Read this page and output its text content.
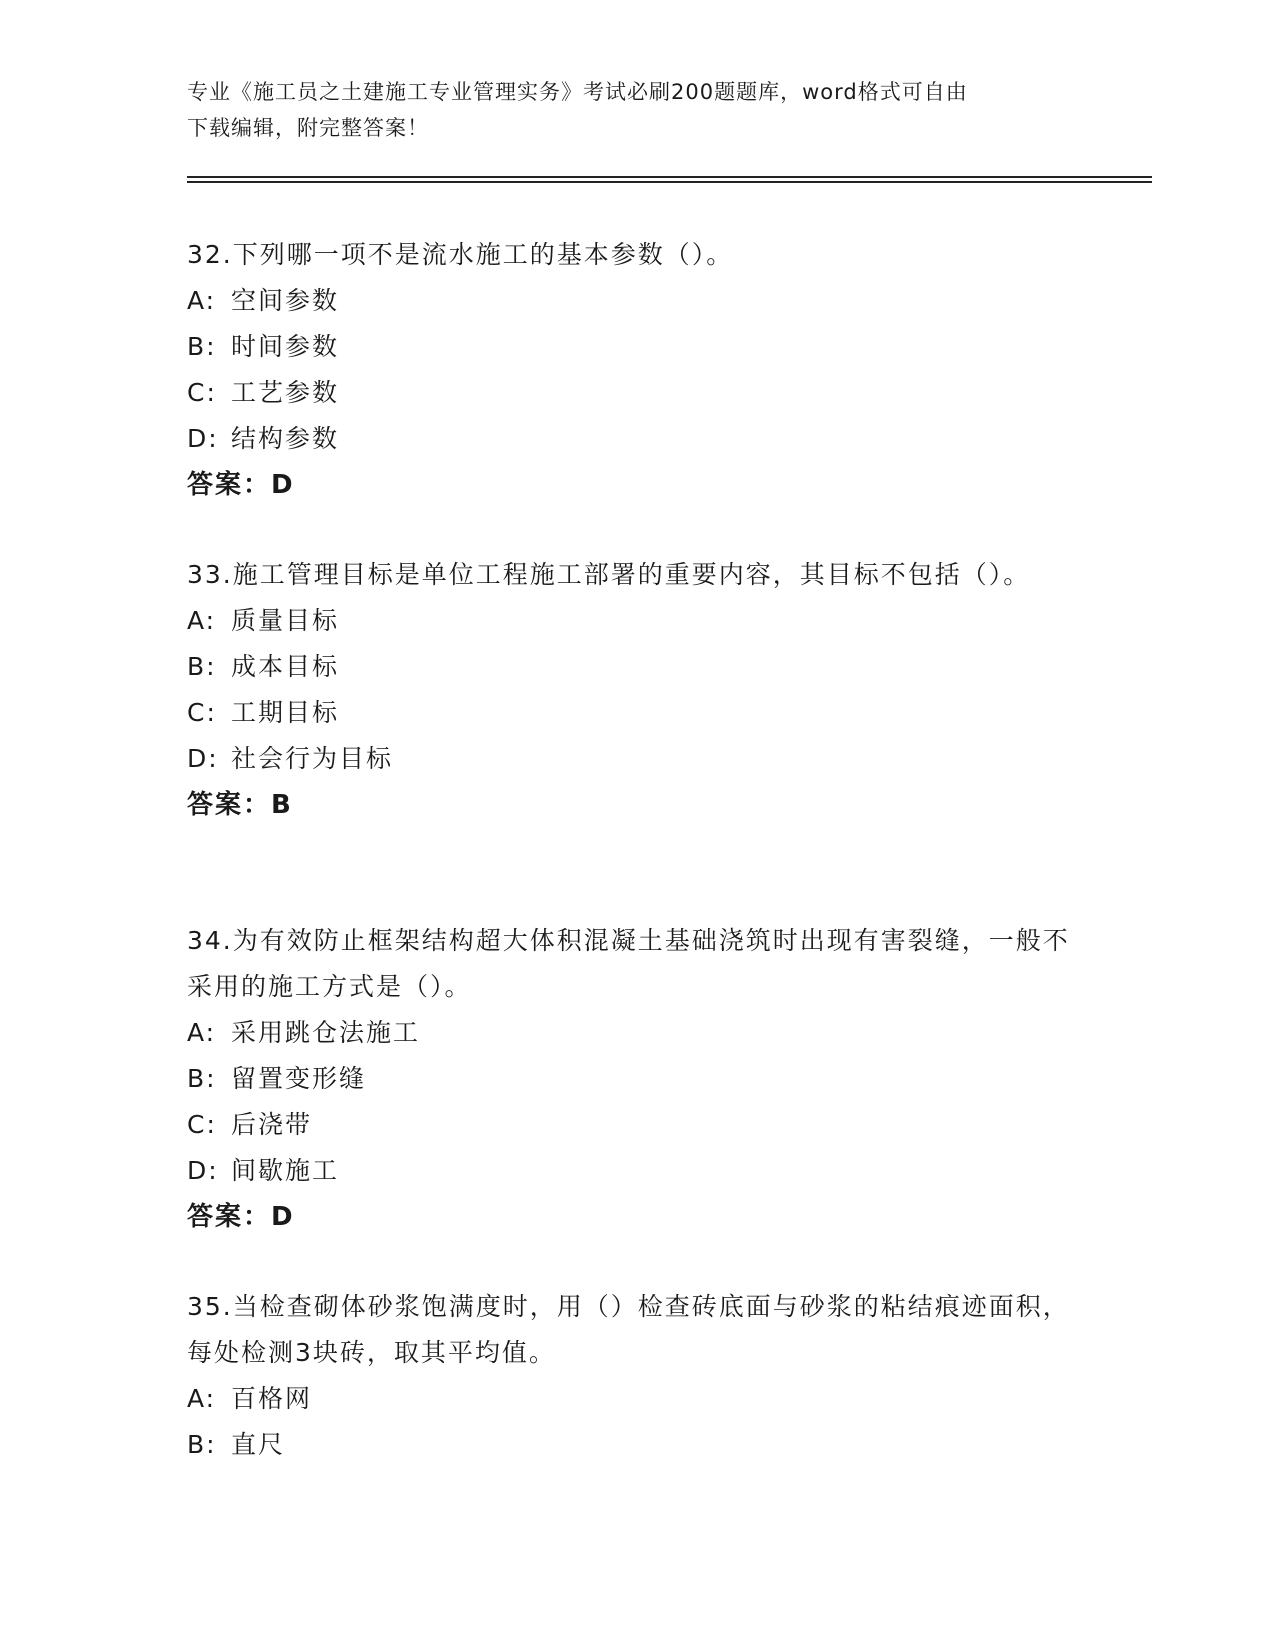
专业《施工员之土建施工专业管理实务》考试必刷200题题库，word格式可自由
下载编辑，附完整答案！
32.下列哪一项不是流水施工的基本参数（）。
A: 空间参数
B: 时间参数
C: 工艺参数
D: 结构参数
答案：D
33.施工管理目标是单位工程施工部署的重要内容，其目标不包括（）。
A: 质量目标
B: 成本目标
C: 工期目标
D: 社会行为目标
答案：B
34.为有效防止框架结构超大体积混凝土基础浇筑时出现有害裂缝，一般不采用的施工方式是（）。
A: 采用跳仓法施工
B: 留置变形缝
C: 后浇带
D: 间歇施工
答案：D
35.当检查砌体砂浆饱满度时，用（）检查砖底面与砂浆的粘结痕迹面积，每处检测3块砖，取其平均值。
A: 百格网
B: 直尺
